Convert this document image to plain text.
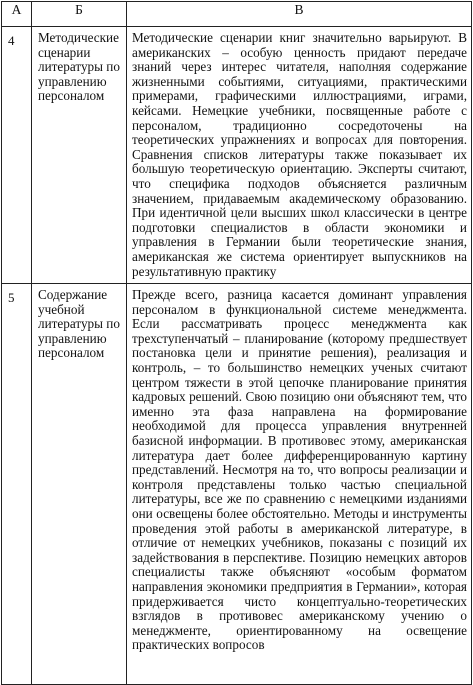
А	Б	В
4	Методические сценарии литературы по управлению персоналом	Методические сценарии книг значительно варьируют. В американских – особую ценность придают передаче знаний через интерес читателя, наполняя содержание жизненными событиями, ситуациями, практическими примерами, графическими иллюстрациями, играми, кейсами. Немецкие учебники, посвященные работе с персоналом, традиционно сосредоточены на теоретических упражнениях и вопросах для повторения. Сравнения списков литературы также показывает их большую теоретическую ориентацию. Эксперты считают, что специфика подходов объясняется различным значением, придаваемым академическому образованию. При идентичной цели высших школ классически в центре подготовки специалистов в области экономики и управления в Германии были теоретические знания, американская же система ориентирует выпускников на результативную практику
5	Содержание учебной литературы по управлению персоналом	Прежде всего, разница касается доминант управления персоналом в функциональной системе менеджмента. Если рассматривать процесс менеджмента как трехступенчатый – планирование (которому предшествует постановка цели и принятие решения), реализация и контроль, – то большинство немецких ученых считают центром тяжести в этой цепочке планирование принятия кадровых решений. Свою позицию они объясняют тем, что именно эта фаза направлена на формирование необходимой для процесса управления внутренней базисной информации. В противовес этому, американская литература дает более дифференцированную картину представлений. Несмотря на то, что вопросы реализации и контроля представлены только частью специальной литературы, все же по сравнению с немецкими изданиями они освещены более обстоятельно. Методы и инструменты проведения этой работы в американской литературе, в отличие от немецких учебников, показаны с позиций их задействования в перспективе. Позицию немецких авторов специалисты также объясняют «особым форматом направления экономики предприятия в Германии», которая придерживается чисто концептуально-теоретических взглядов в противовес американскому учению о менеджменте, ориентированному на освещение практических вопросов
